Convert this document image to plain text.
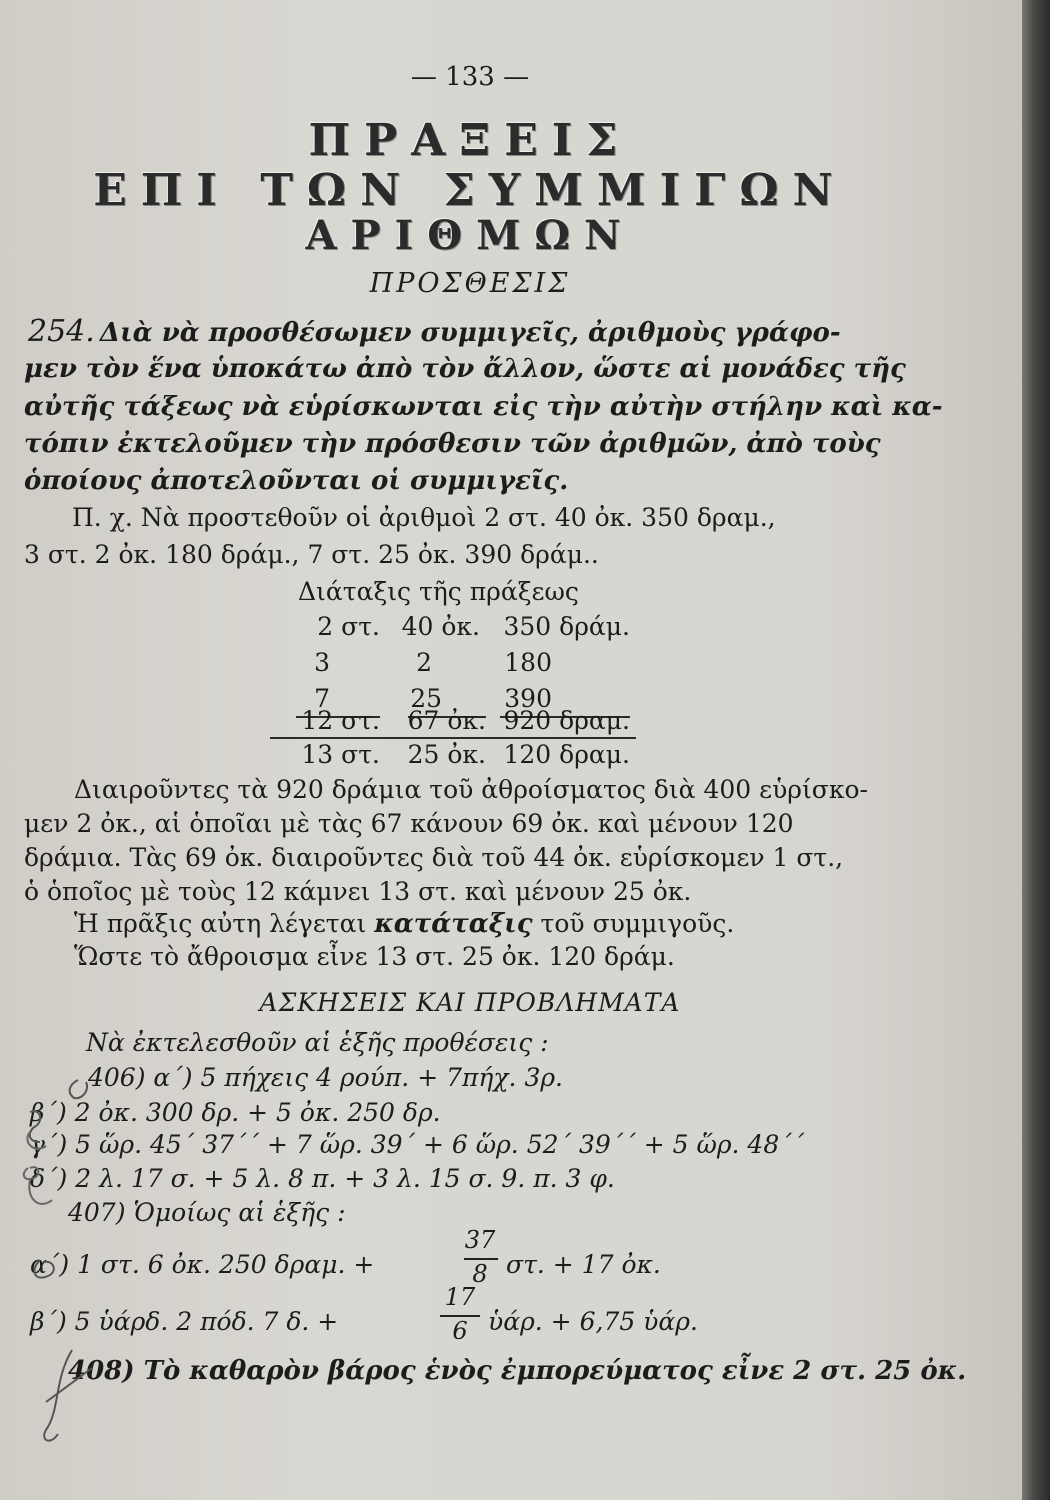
— 133 —
ΠΡΑΞΕΙΣ
ΕΠΙ ΤΩΝ ΣΥΜΜΙΓΩΝ
ΑΡΙΘΜΩΝ
ΠΡΟΣΘΕΣΙΣ
254. Διὰ νὰ προσθέσωμεν συμμιγεῖς, ἀριθμοὺς γράφο-
μεν τὸν ἕνα ὑποκάτω ἀπὸ τὸν ἄλλον, ὥστε αἱ μονάδες τῆς
αὐτῆς τάξεως νὰ εὑρίσκωνται εἰς τὴν αὐτὴν στήλην καὶ κα-
τόπιν ἐκτελοῦμεν τὴν πρόσθεσιν τῶν ἀριθμῶν, ἀπὸ τοὺς
ὁποίους ἀποτελοῦνται οἱ συμμιγεῖς.
Π. χ. Νὰ προστεθοῦν οἱ ἀριθμοὶ 2 στ. 40 ὀκ. 350 δραμ.,
3 στ. 2 ὀκ. 180 δράμ., 7 στ. 25 ὀκ. 390 δράμ..
Διάταξις τῆς πράξεως
2 στ. 40 ὀκ. 350 δράμ.
3	2	180
7	25	390
12 στ.	67 ὀκ. 920 δραμ.
13 στ.	25 ὀκ. 120 δραμ.
Διαιροῦντες τὰ 920 δράμια τοῦ ἀθροίσματος διὰ 400 εὑρίσκο-
μεν 2 ὀκ., αἱ ὁποῖαι μὲ τὰς 67 κάνουν 69 ὀκ. καὶ μένουν 120
δράμια. Τὰς 69 ὀκ. διαιροῦντες διὰ τοῦ 44 ὀκ. εὑρίσκομεν 1 στ.,
ὁ ὁποῖος μὲ τοὺς 12 κάμνει 13 στ. καὶ μένουν 25 ὀκ.
Ἡ πρᾶξις αὐτη λέγεται κατάταξις τοῦ συμμιγοῦς.
Ὥστε τὸ ἄθροισμα εἶνε 13 στ. 25 ὀκ. 120 δράμ.
ΑΣΚΗΣΕΙΣ ΚΑΙ ΠΡΟΒΛΗΜΑΤΑ
Νὰ ἐκτελεσθοῦν αἱ ἑξῆς προθέσεις :
406) α΄) 5 πήχεις 4 ρούπ. + 7πήχ. 3ρ.
β΄) 2 ὀκ. 300 δρ. + 5 ὀκ. 250 δρ.
γ΄) 5 ὥρ. 45΄ 37΄΄ + 7 ὥρ. 39΄ + 6 ὥρ. 52΄ 39΄΄ + 5 ὥρ. 48΄΄
δ΄) 2 λ. 17 σ. + 5 λ. 8 π. + 3 λ. 15 σ. 9. π. 3 φ.
407) Ὁμοίως αἱ ἑξῆς :
α΄) 1 στ. 6 ὀκ. 250 δραμ. +
37
8 στ. + 17 ὀκ.
β΄) 5 ὑάρδ. 2 πόδ. 7 δ. +
17
6 ὑάρ. + 6,75 ὑάρ.
408) Τὸ καθαρὸν βάρος ἑνὸς ἐμπορεύματος εἶνε 2 στ. 25 ὀκ.
